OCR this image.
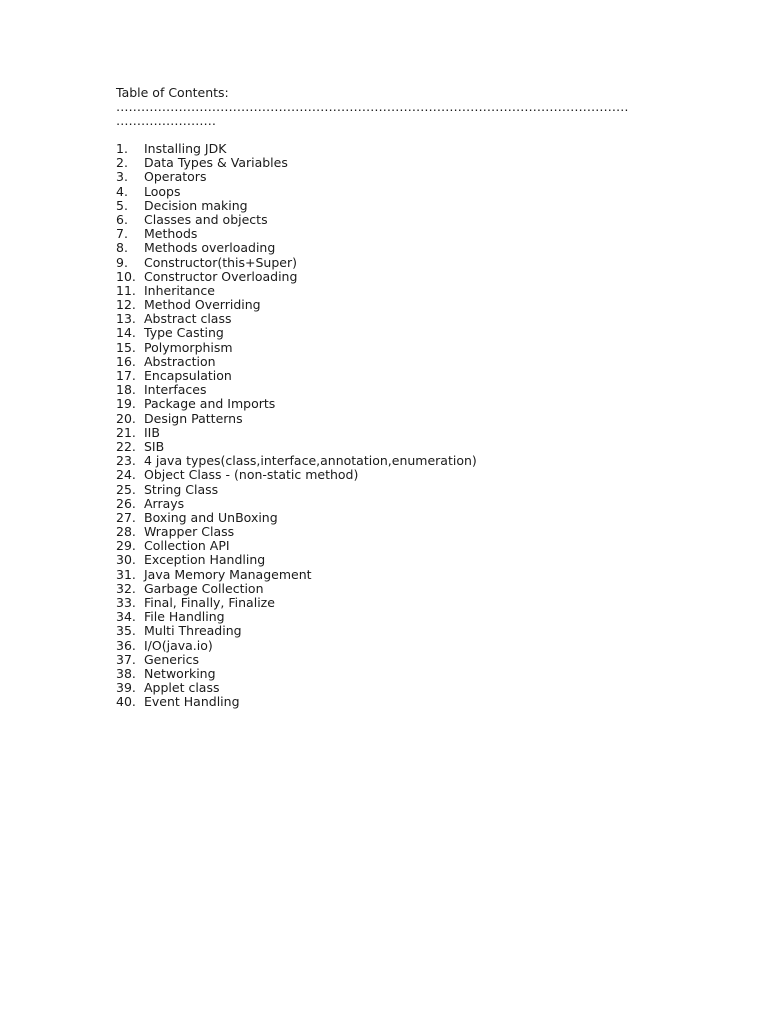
Table of Contents:

……………………………………………………………………………………………………………
……………………
1.	Installing JDK
2.	Data Types & Variables
3.	Operators
4.	Loops
5.	Decision making
6.	Classes and objects
7.	Methods
8.	Methods overloading
9.	Constructor(this+Super)
10. Constructor Overloading
11. Inheritance
12. Method Overriding
13. Abstract class
14. Type Casting
15. Polymorphism
16. Abstraction
17. Encapsulation
18. Interfaces
19. Package and Imports
20. Design Patterns
21. IIB
22. SIB
23. 4 java types(class,interface,annotation,enumeration)
24. Object Class - (non-static method)
25. String Class
26. Arrays
27. Boxing and UnBoxing
28. Wrapper Class
29. Collection API
30. Exception Handling
31. Java Memory Management
32. Garbage Collection
33. Final, Finally, Finalize
34. File Handling
35. Multi Threading
36. I/O(java.io)
37. Generics
38. Networking
39. Applet class
40. Event Handling
